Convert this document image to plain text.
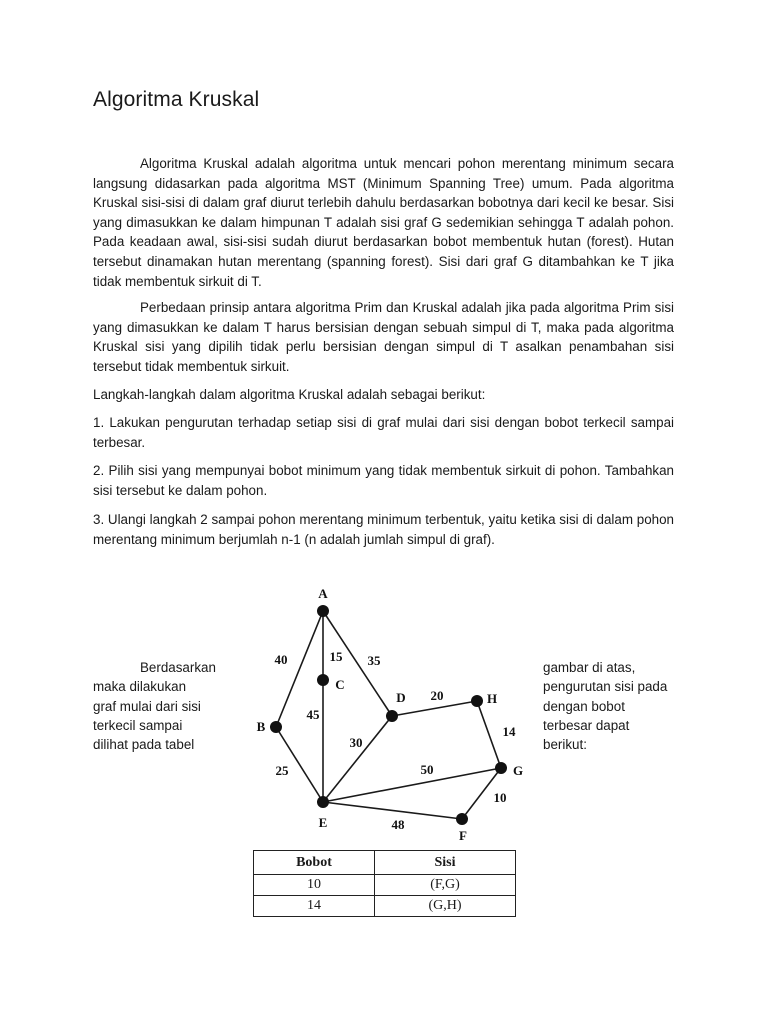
Algoritma Kruskal

Algoritma Kruskal adalah algoritma untuk mencari pohon merentang minimum secara langsung didasarkan pada algoritma MST (Minimum Spanning Tree) umum. Pada algoritma Kruskal sisi-sisi di dalam graf diurut terlebih dahulu berdasarkan bobotnya dari kecil ke besar. Sisi yang dimasukkan ke dalam himpunan T adalah sisi graf G sedemikian sehingga T adalah pohon. Pada keadaan awal, sisi-sisi sudah diurut berdasarkan bobot membentuk hutan (forest). Hutan tersebut dinamakan hutan merentang (spanning forest). Sisi dari graf G ditambahkan ke T jika tidak membentuk sirkuit di T.

Perbedaan prinsip antara algoritma Prim dan Kruskal adalah jika pada algoritma Prim sisi yang dimasukkan ke dalam T harus bersisian dengan sebuah simpul di T, maka pada algoritma Kruskal sisi yang dipilih tidak perlu bersisian dengan simpul di T asalkan penambahan sisi tersebut tidak membentuk sirkuit.

Langkah-langkah dalam algoritma Kruskal adalah sebagai berikut:

1. Lakukan pengurutan terhadap setiap sisi di graf mulai dari sisi dengan bobot terkecil sampai terbesar.

2. Pilih sisi yang mempunyai bobot minimum yang tidak membentuk sirkuit di pohon. Tambahkan sisi tersebut ke dalam pohon.

3. Ulangi langkah 2 sampai pohon merentang minimum terbentuk, yaitu ketika sisi di dalam pohon merentang minimum berjumlah n-1 (n adalah jumlah simpul di graf).

Berdasarkan
maka dilakukan
graf mulai dari sisi
terkecil sampai
dilihat pada tabel
gambar di atas,
pengurutan sisi pada
dengan bobot
terbesar dapat
berikut:
40	15 35
45
20
30
14
25	50
10
48
A
B
C
D
E
F
G
H
Bobot	Sisi
10	(F,G)
14	(G,H)
